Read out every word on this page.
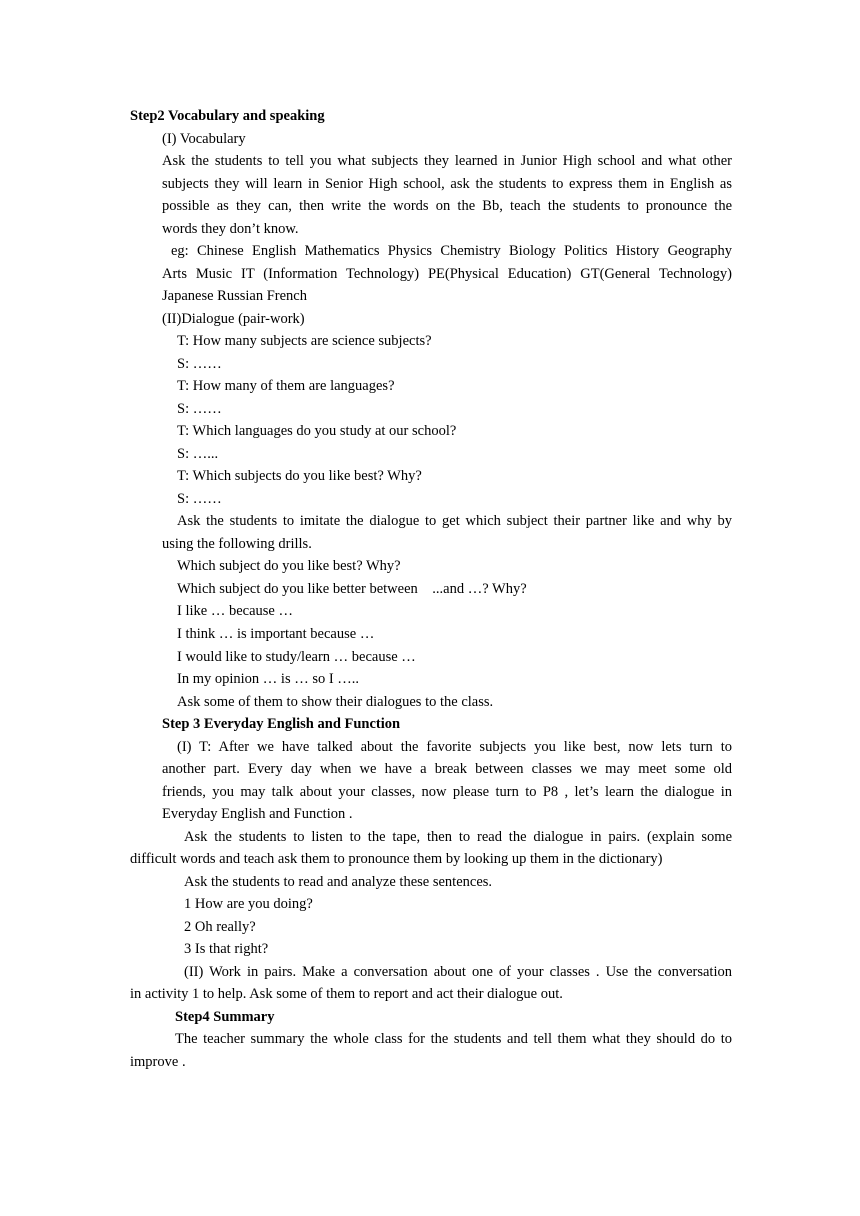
Step2 Vocabulary and speaking
(I) Vocabulary
Ask the students to tell you what subjects they learned in Junior High school and what other
subjects they will learn in Senior High school, ask the students to express them in English as
possible as they can, then write the words on the Bb, teach the students to pronounce the
words they don’t know.
eg: Chinese English Mathematics Physics Chemistry Biology Politics History Geography
Arts Music IT (Information Technology) PE(Physical Education) GT(General Technology)
Japanese Russian French
(II)Dialogue (pair-work)
T: How many subjects are science subjects?
S: ……
T: How many of them are languages?
S: ……
T: Which languages do you study at our school?
S: …...
T: Which subjects do you like best? Why?
S: ……
Ask the students to imitate the dialogue to get which subject their partner like and why by
using the following drills.
Which subject do you like best? Why?
Which subject do you like better between    ...and …? Why?
I like … because …
I think … is important because …
I would like to study/learn … because …
In my opinion … is … so I …..
Ask some of them to show their dialogues to the class.
Step 3 Everyday English and Function
(I) T: After we have talked about the favorite subjects you like best, now lets turn to
another part. Every day when we have a break between classes we may meet some old
friends, you may talk about your classes, now please turn to P8 , let’s learn the dialogue in
Everyday English and Function .
Ask the students to listen to the tape, then to read the dialogue in pairs. (explain some
difficult words and teach ask them to pronounce them by looking up them in the dictionary)
Ask the students to read and analyze these sentences.
1 How are you doing?
2 Oh really?
3 Is that right?
(II) Work in pairs. Make a conversation about one of your classes . Use the conversation
in activity 1 to help. Ask some of them to report and act their dialogue out.
Step4 Summary
The teacher summary the whole class for the students and tell them what they should do to
improve .
